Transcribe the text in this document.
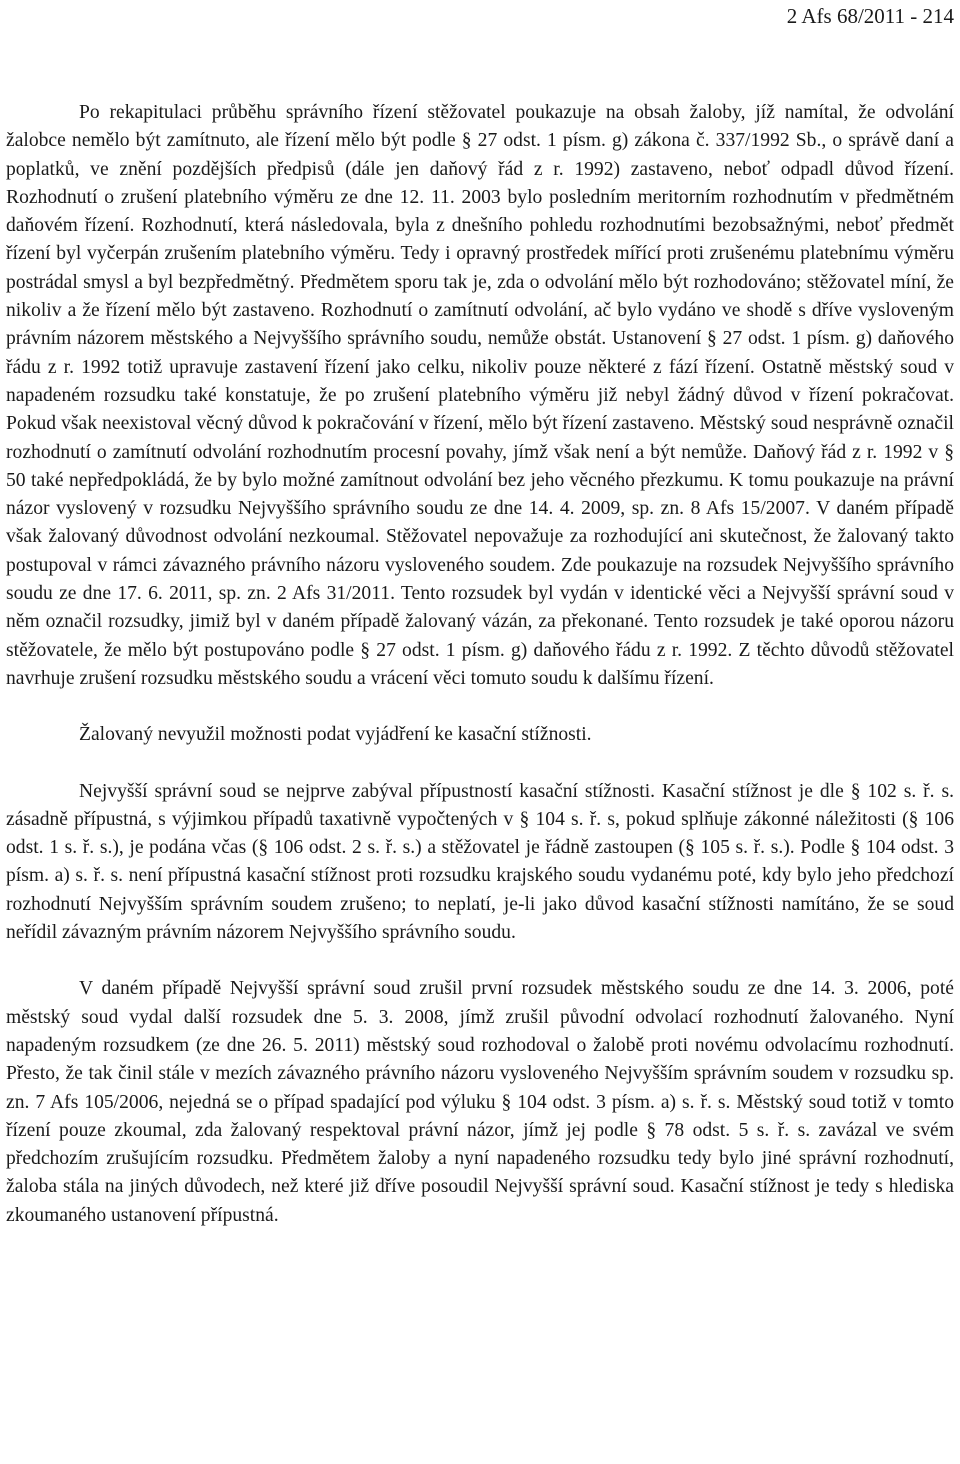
2 Afs 68/2011 - 214

Po rekapitulaci průběhu správního řízení stěžovatel poukazuje na obsah žaloby, jíž namítal, že odvolání žalobce nemělo být zamítnuto, ale řízení mělo být podle § 27 odst. 1 písm. g) zákona č. 337/1992 Sb., o správě daní a poplatků, ve znění pozdějších předpisů (dále jen daňový řád z r. 1992) zastaveno, neboť odpadl důvod řízení. Rozhodnutí o zrušení platebního výměru ze dne 12. 11. 2003 bylo posledním meritorním rozhodnutím v předmětném daňovém řízení. Rozhodnutí, která následovala, byla z dnešního pohledu rozhodnutími bezobsažnými, neboť předmět řízení byl vyčerpán zrušením platebního výměru. Tedy i opravný prostředek mířící proti zrušenému platebnímu výměru postrádal smysl a byl bezpředmětný. Předmětem sporu tak je, zda o odvolání mělo být rozhodováno; stěžovatel míní, že nikoliv a že řízení mělo být zastaveno. Rozhodnutí o zamítnutí odvolání, ač bylo vydáno ve shodě s dříve vysloveným právním názorem městského a Nejvyššího správního soudu, nemůže obstát. Ustanovení § 27 odst. 1 písm. g) daňového řádu z r. 1992 totiž upravuje zastavení řízení jako celku, nikoliv pouze některé z fází řízení. Ostatně městský soud v napadeném rozsudku také konstatuje, že po zrušení platebního výměru již nebyl žádný důvod v řízení pokračovat. Pokud však neexistoval věcný důvod k pokračování v řízení, mělo být řízení zastaveno. Městský soud nesprávně označil rozhodnutí o zamítnutí odvolání rozhodnutím procesní povahy, jímž však není a být nemůže. Daňový řád z r. 1992 v § 50 také nepředpokládá, že by bylo možné zamítnout odvolání bez jeho věcného přezkumu. K tomu poukazuje na právní názor vyslovený v rozsudku Nejvyššího správního soudu ze dne 14. 4. 2009, sp. zn. 8 Afs 15/2007. V daném případě však žalovaný důvodnost odvolání nezkoumal. Stěžovatel nepovažuje za rozhodující ani skutečnost, že žalovaný takto postupoval v rámci závazného právního názoru vysloveného soudem. Zde poukazuje na rozsudek Nejvyššího správního soudu ze dne 17. 6. 2011, sp. zn. 2 Afs 31/2011. Tento rozsudek byl vydán v identické věci a Nejvyšší správní soud v něm označil rozsudky, jimiž byl v daném případě žalovaný vázán, za překonané. Tento rozsudek je také oporou názoru stěžovatele, že mělo být postupováno podle § 27 odst. 1 písm. g) daňového řádu z r. 1992. Z těchto důvodů stěžovatel navrhuje zrušení rozsudku městského soudu a vrácení věci tomuto soudu k dalšímu řízení.

Žalovaný nevyužil možnosti podat vyjádření ke kasační stížnosti.

Nejvyšší správní soud se nejprve zabýval přípustností kasační stížnosti. Kasační stížnost je dle § 102 s. ř. s. zásadně přípustná, s výjimkou případů taxativně vypočtených v § 104 s. ř. s, pokud splňuje zákonné náležitosti (§ 106 odst. 1 s. ř. s.), je podána včas (§ 106 odst. 2 s. ř. s.) a stěžovatel je řádně zastoupen (§ 105 s. ř. s.). Podle § 104 odst. 3 písm. a) s. ř. s. není přípustná kasační stížnost proti rozsudku krajského soudu vydanému poté, kdy bylo jeho předchozí rozhodnutí Nejvyšším správním soudem zrušeno; to neplatí, je-li jako důvod kasační stížnosti namítáno, že se soud neřídil závazným právním názorem Nejvyššího správního soudu.

V daném případě Nejvyšší správní soud zrušil první rozsudek městského soudu ze dne 14. 3. 2006, poté městský soud vydal další rozsudek dne 5. 3. 2008, jímž zrušil původní odvolací rozhodnutí žalovaného. Nyní napadeným rozsudkem (ze dne 26. 5. 2011) městský soud rozhodoval o žalobě proti novému odvolacímu rozhodnutí. Přesto, že tak činil stále v mezích závazného právního názoru vysloveného Nejvyšším správním soudem v rozsudku sp. zn. 7 Afs 105/2006, nejedná se o případ spadající pod výluku § 104 odst. 3 písm. a) s. ř. s. Městský soud totiž v tomto řízení pouze zkoumal, zda žalovaný respektoval právní názor, jímž jej podle § 78 odst. 5 s. ř. s. zavázal ve svém předchozím zrušujícím rozsudku. Předmětem žaloby a nyní napadeného rozsudku tedy bylo jiné správní rozhodnutí, žaloba stála na jiných důvodech, než které již dříve posoudil Nejvyšší správní soud. Kasační stížnost je tedy s hlediska zkoumaného ustanovení přípustná.
